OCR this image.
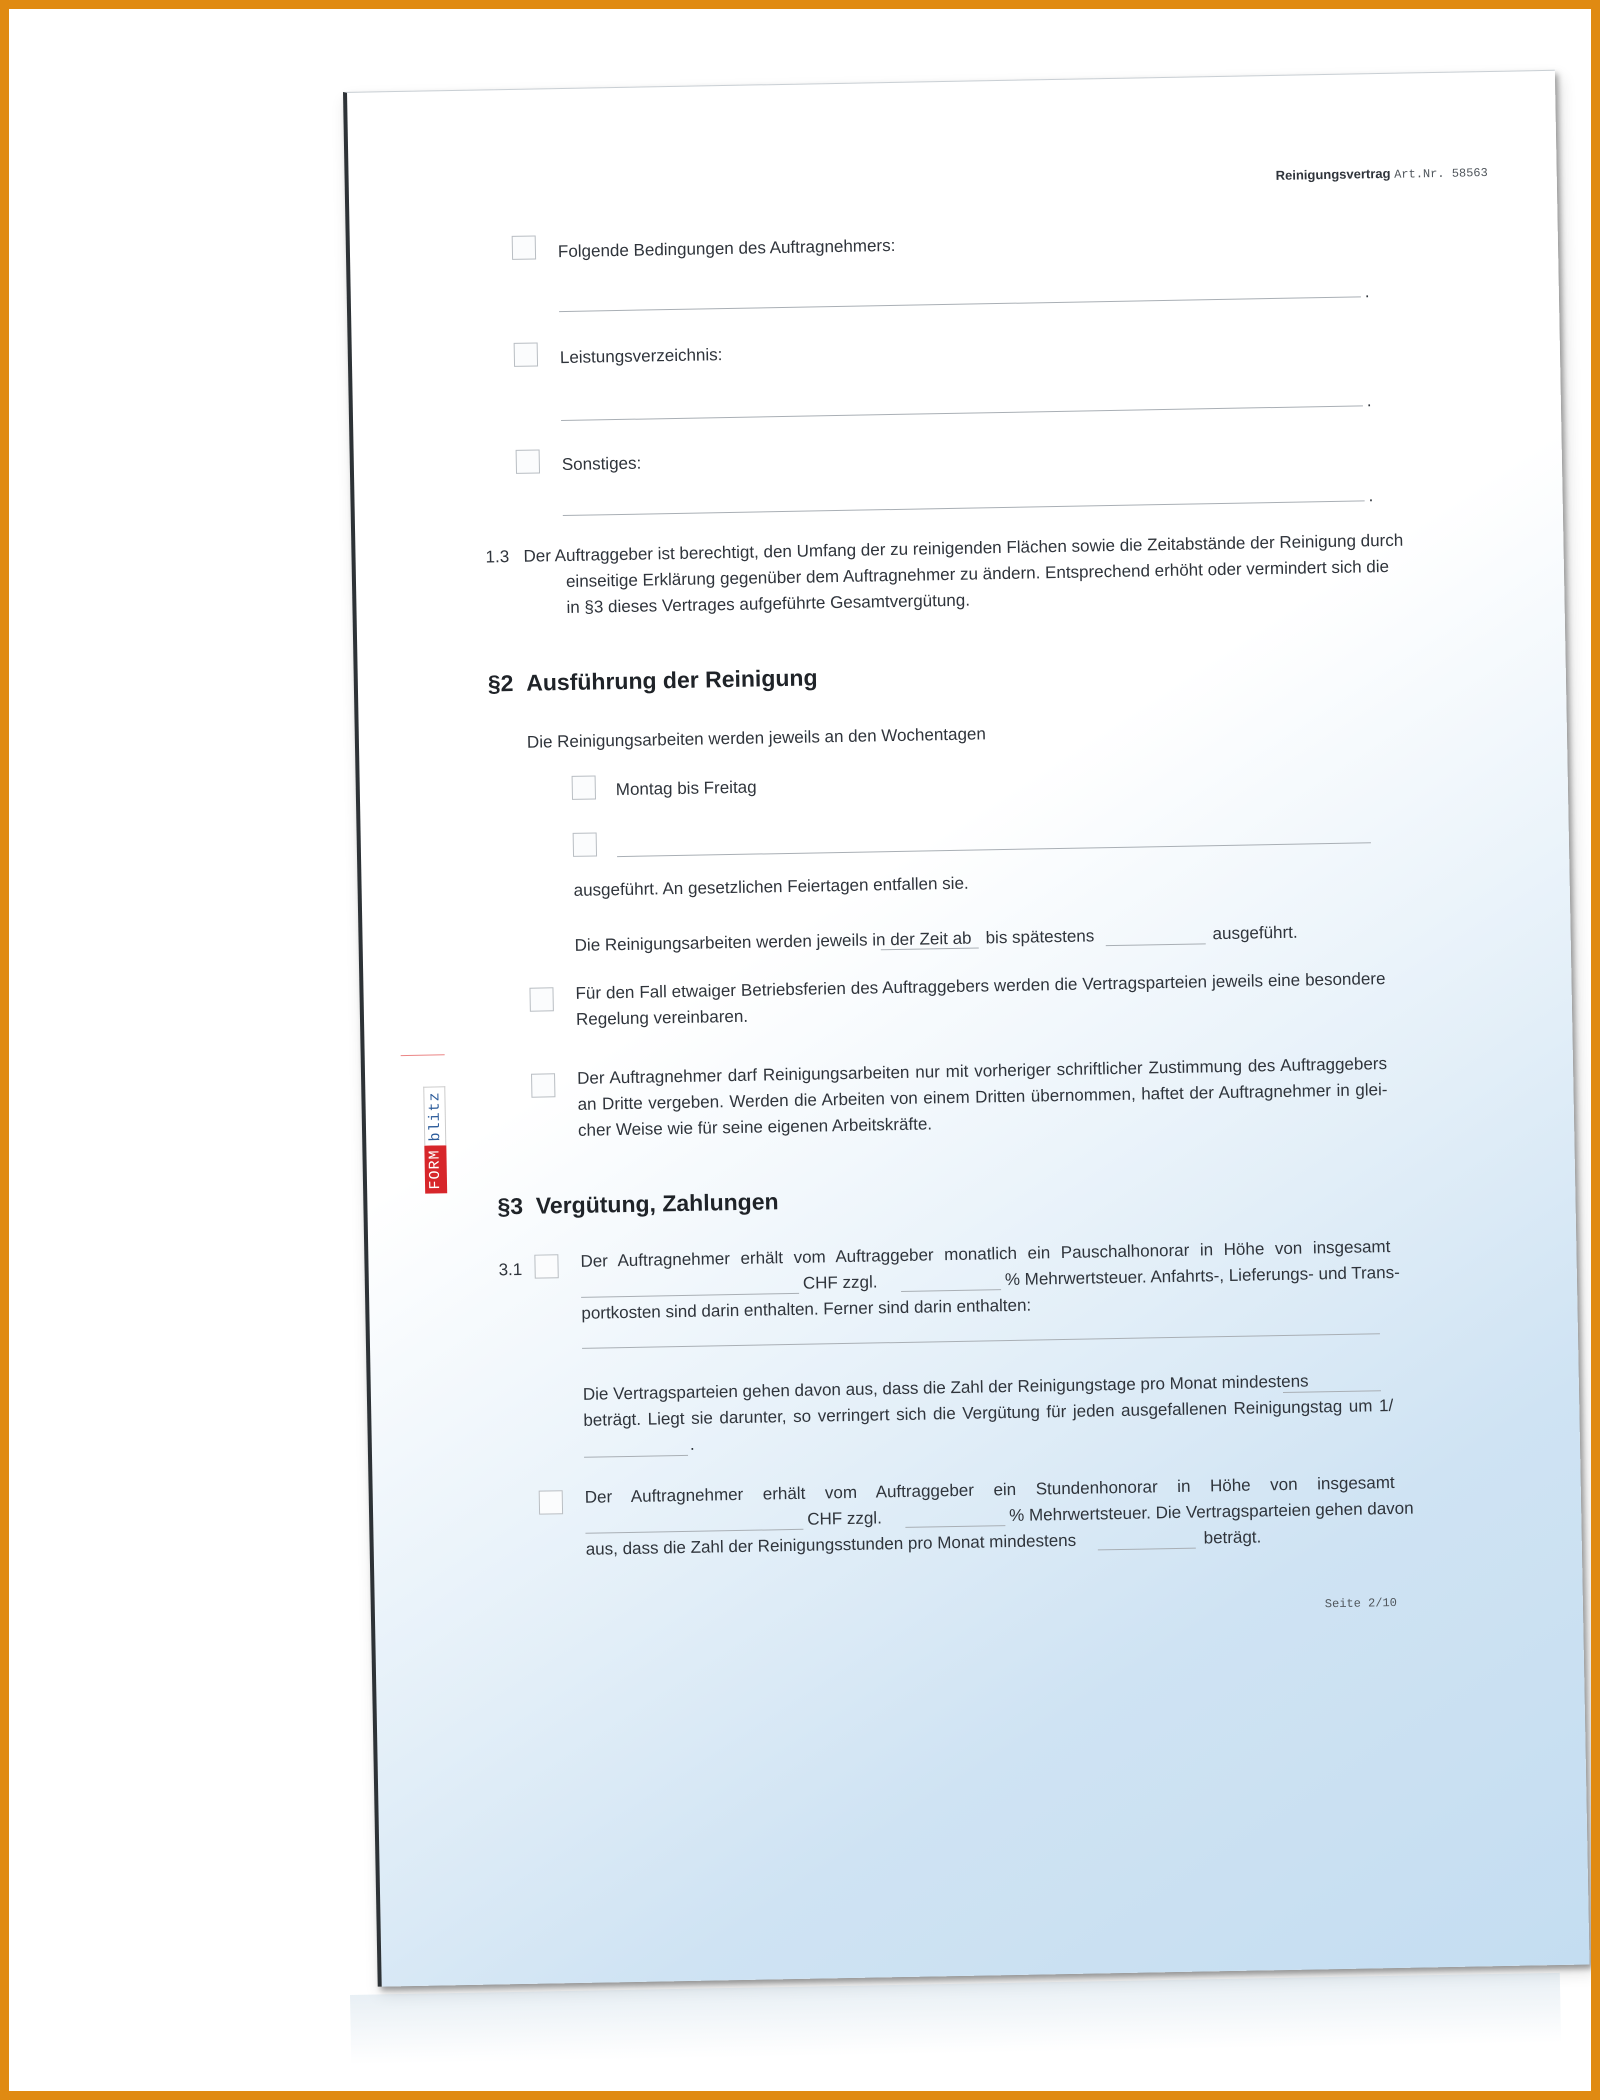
Reinigungsvertrag Art.Nr. 58563
Folgende Bedingungen des Auftragnehmers:
.
Leistungsverzeichnis:
.
Sonstiges:
.
1.3 Der Auftraggeber ist berechtigt, den Umfang der zu reinigenden Flächen sowie die Zeitabstände der Reinigung durch
einseitige Erklärung gegenüber dem Auftragnehmer zu ändern. Entsprechend erhöht oder vermindert sich die
in §3 dieses Vertrages aufgeführte Gesamtvergütung.
§2 Ausführung der Reinigung
Die Reinigungsarbeiten werden jeweils an den Wochentagen
Montag bis Freitag
ausgeführt. An gesetzlichen Feiertagen entfallen sie.
Die Reinigungsarbeiten werden jeweils in der Zeit ab bis spätestens	ausgeführt.
Für den Fall etwaiger Betriebsferien des Auftraggebers werden die Vertragsparteien jeweils eine besondere
Regelung vereinbaren.
Der Auftragnehmer darf Reinigungsarbeiten nur mit vorheriger schriftlicher Zustimmung des Auftraggebers
an Dritte vergeben. Werden die Arbeiten von einem Dritten übernommen, haftet der Auftragnehmer in glei-
cher Weise wie für seine eigenen Arbeitskräfte.
§3 Vergütung, Zahlungen
3.1	Der Auftragnehmer erhält vom Auftraggeber monatlich ein Pauschalhonorar in Höhe von insgesamt
CHF zzgl.	% Mehrwertsteuer. Anfahrts-, Lieferungs- und Trans-
portkosten sind darin enthalten. Ferner sind darin enthalten:
Die Vertragsparteien gehen davon aus, dass die Zahl der Reinigungstage pro Monat mindestens
beträgt. Liegt sie darunter, so verringert sich die Vergütung für jeden ausgefallenen Reinigungstag um 1/
.
Der Auftragnehmer erhält vom Auftraggeber ein Stundenhonorar in Höhe von insgesamt
CHF zzgl.	% Mehrwertsteuer. Die Vertragsparteien gehen davon
aus, dass die Zahl der Reinigungsstunden pro Monat mindestens	beträgt.
Seite 2/10
FORM
blitz
